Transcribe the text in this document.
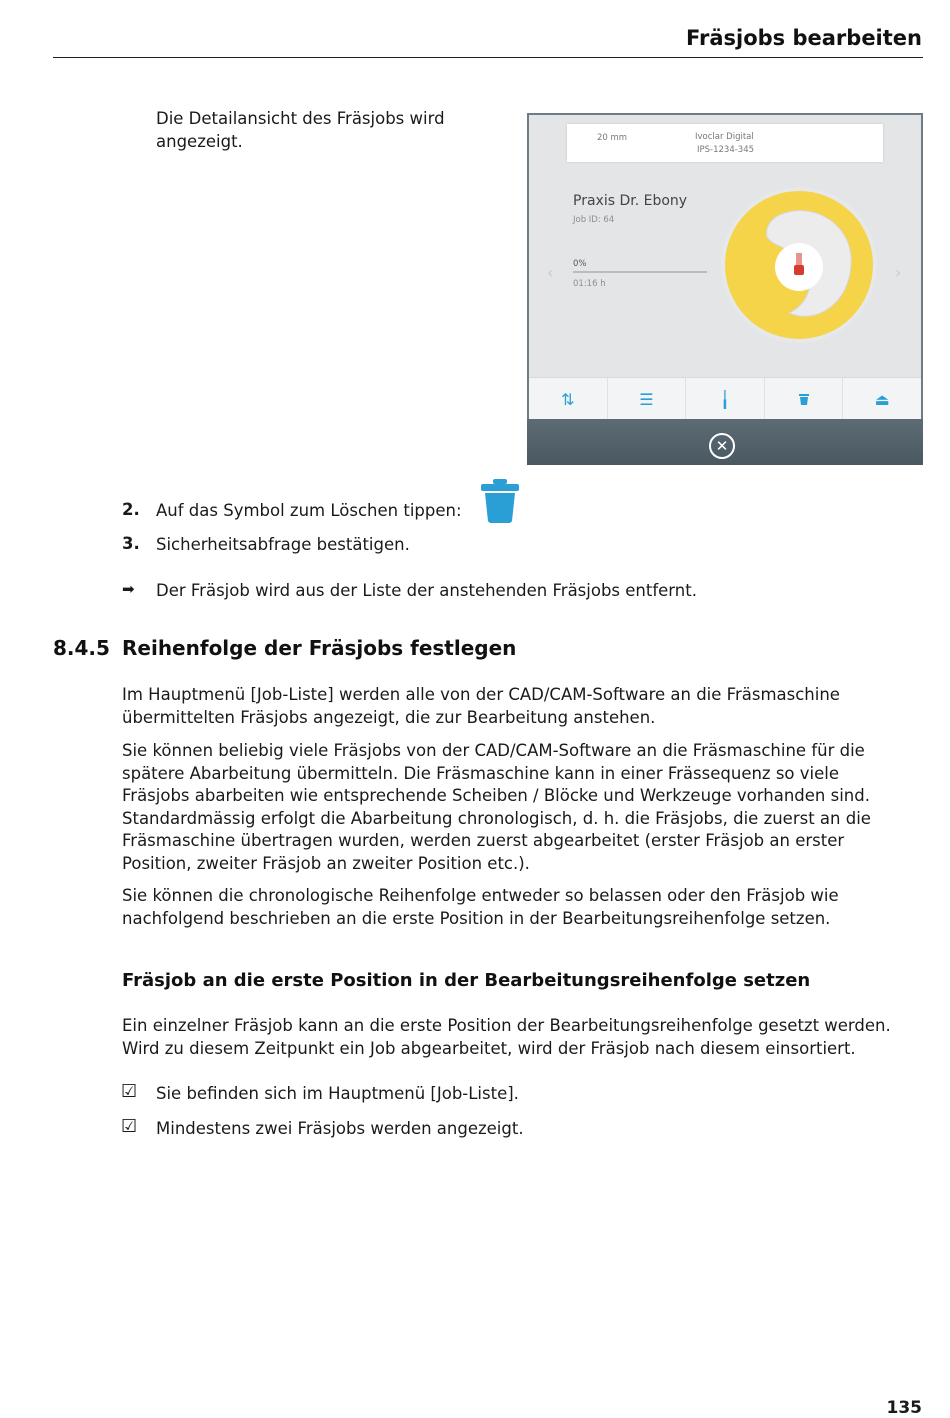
Fräsjobs bearbeiten
Die Detailansicht des Fräsjobs wird
angezeigt.	20 mm	Ivoclar Digital
IPS-1234-345
Praxis Dr. Ebony
Job ID: 64
0%
01:16 h
‹	›
⇅	☰	╽	⏏
✕
2. Auf das Symbol zum Löschen tippen:
3. Sicherheitsabfrage bestätigen.
➡ Der Fräsjob wird aus der Liste der anstehenden Fräsjobs entfernt.
8.4.5 Reihenfolge der Fräsjobs festlegen
Im Hauptmenü [Job-Liste] werden alle von der CAD/CAM-Software an die Fräsmaschine
übermittelten Fräsjobs angezeigt, die zur Bearbeitung anstehen.
Sie können beliebig viele Fräsjobs von der CAD/CAM-Software an die Fräsmaschine für die
spätere Abarbeitung übermitteln. Die Fräsmaschine kann in einer Frässequenz so viele
Fräsjobs abarbeiten wie entsprechende Scheiben / Blöcke und Werkzeuge vorhanden sind.
Standardmässig erfolgt die Abarbeitung chronologisch, d. h. die Fräsjobs, die zuerst an die
Fräsmaschine übertragen wurden, werden zuerst abgearbeitet (erster Fräsjob an erster
Position, zweiter Fräsjob an zweiter Position etc.).
Sie können die chronologische Reihenfolge entweder so belassen oder den Fräsjob wie
nachfolgend beschrieben an die erste Position in der Bearbeitungsreihenfolge setzen.
Fräsjob an die erste Position in der Bearbeitungsreihenfolge setzen
Ein einzelner Fräsjob kann an die erste Position der Bearbeitungsreihenfolge gesetzt werden.
Wird zu diesem Zeitpunkt ein Job abgearbeitet, wird der Fräsjob nach diesem einsortiert.
☑ Sie befinden sich im Hauptmenü [Job-Liste].
☑ Mindestens zwei Fräsjobs werden angezeigt.
135
